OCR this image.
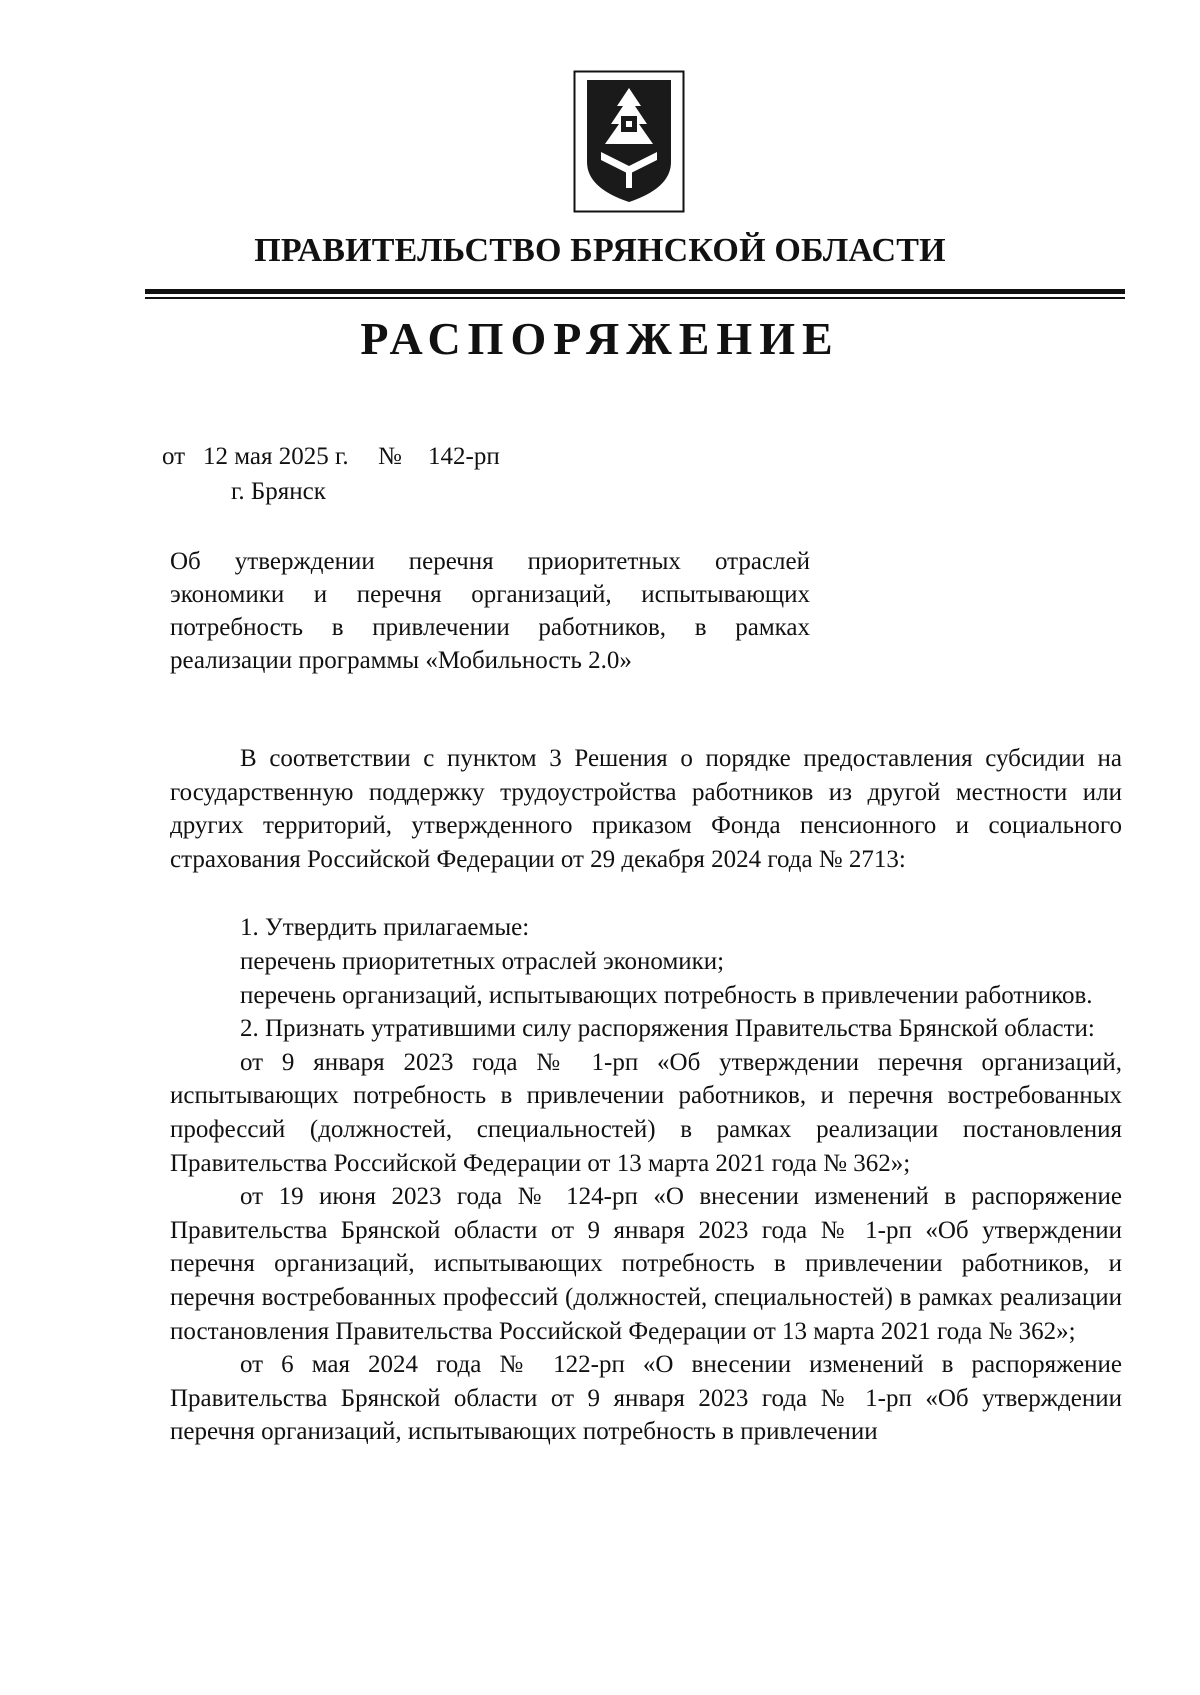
ПРАВИТЕЛЬСТВО БРЯНСКОЙ ОБЛАСТИ
РАСПОРЯЖЕНИЕ
от 12 мая 2025 г. № 142-рп
г. Брянск
Об утверждении перечня приоритетных отраслей
экономики и перечня организаций, испытывающих
потребность в привлечении работников, в рамках
реализации программы «Мобильность 2.0»

В соответствии с пунктом 3 Решения о порядке предоставления субсидии на государственную поддержку трудоустройства работников из другой местности или других территорий, утвержденного приказом Фонда пенсионного и социального страхования Российской Федерации от 29 декабря 2024 года № 2713:

1. Утвердить прилагаемые:

перечень приоритетных отраслей экономики;

перечень организаций, испытывающих потребность в привлечении работников.

2. Признать утратившими силу распоряжения Правительства Брянской области:

от 9 января 2023 года № 1-рп «Об утверждении перечня организаций, испытывающих потребность в привлечении работников, и перечня востребованных профессий (должностей, специальностей) в рамках реализации постановления Правительства Российской Федерации от 13 марта 2021 года № 362»;

от 19 июня 2023 года № 124-рп «О внесении изменений в распоряжение Правительства Брянской области от 9 января 2023 года № 1-рп «Об утверждении перечня организаций, испытывающих потребность в привлечении работников, и перечня востребованных профессий (должностей, специальностей) в рамках реализации постановления Правительства Российской Федерации от 13 марта 2021 года № 362»;

от 6 мая 2024 года № 122-рп «О внесении изменений в распоряжение Правительства Брянской области от 9 января 2023 года № 1-рп «Об утверждении перечня организаций, испытывающих потребность в привлечении
